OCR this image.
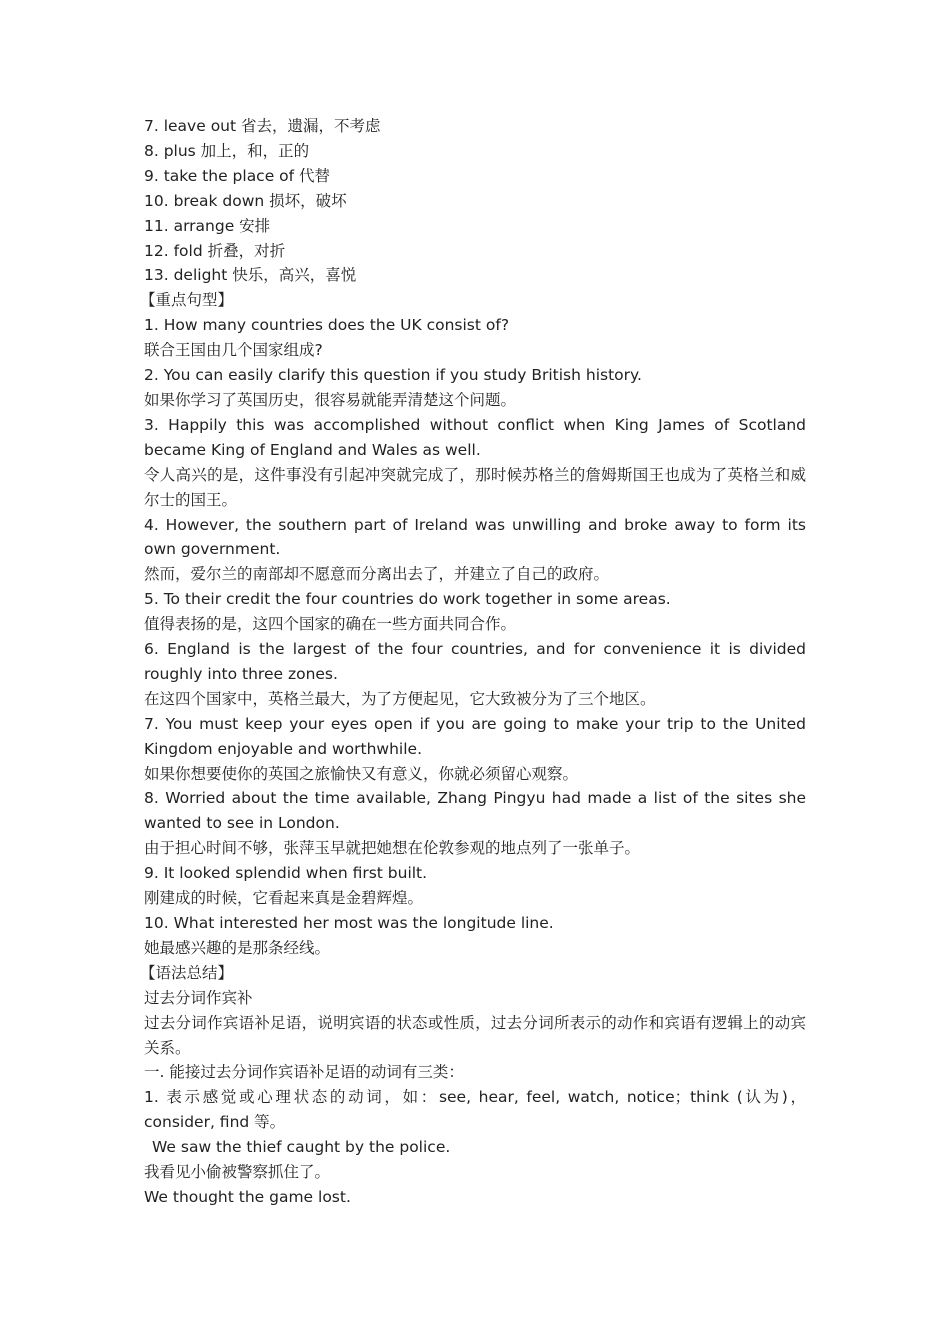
7. leave out 省去，遗漏，不考虑
8. plus 加上，和，正的
9. take the place of 代替
10. break down 损坏，破坏
11. arrange 安排
12. fold 折叠，对折
13. delight 快乐，高兴，喜悦
【重点句型】
1. How many countries does the UK consist of?
联合王国由几个国家组成?
2. You can easily clarify this question if you study British history.
如果你学习了英国历史，很容易就能弄清楚这个问题。
3. Happily this was accomplished without conflict when King James of Scotland became King of England and Wales as well.
令人高兴的是，这件事没有引起冲突就完成了，那时候苏格兰的詹姆斯国王也成为了英格兰和威尔士的国王。
4. However, the southern part of Ireland was unwilling and broke away to form its own government.
然而，爱尔兰的南部却不愿意而分离出去了，并建立了自己的政府。
5. To their credit the four countries do work together in some areas.
值得表扬的是，这四个国家的确在一些方面共同合作。
6. England is the largest of the four countries, and for convenience it is divided roughly into three zones.
在这四个国家中，英格兰最大，为了方便起见，它大致被分为了三个地区。
7. You must keep your eyes open if you are going to make your trip to the United Kingdom enjoyable and worthwhile.
如果你想要使你的英国之旅愉快又有意义，你就必须留心观察。
8. Worried about the time available, Zhang Pingyu had made a list of the sites she wanted to see in London.
由于担心时间不够，张萍玉早就把她想在伦敦参观的地点列了一张单子。
9. It looked splendid when first built.
刚建成的时候，它看起来真是金碧辉煌。
10. What interested her most was the longitude line.
她最感兴趣的是那条经线。
【语法总结】
过去分词作宾补
过去分词作宾语补足语，说明宾语的状态或性质，过去分词所表示的动作和宾语有逻辑上的动宾关系。
一. 能接过去分词作宾语补足语的动词有三类：
1. 表示感觉或心理状态的动词，如：see, hear, feel, watch, notice；think (认为)，consider, find 等。
We saw the thief caught by the police.
我看见小偷被警察抓住了。
We thought the game lost.
